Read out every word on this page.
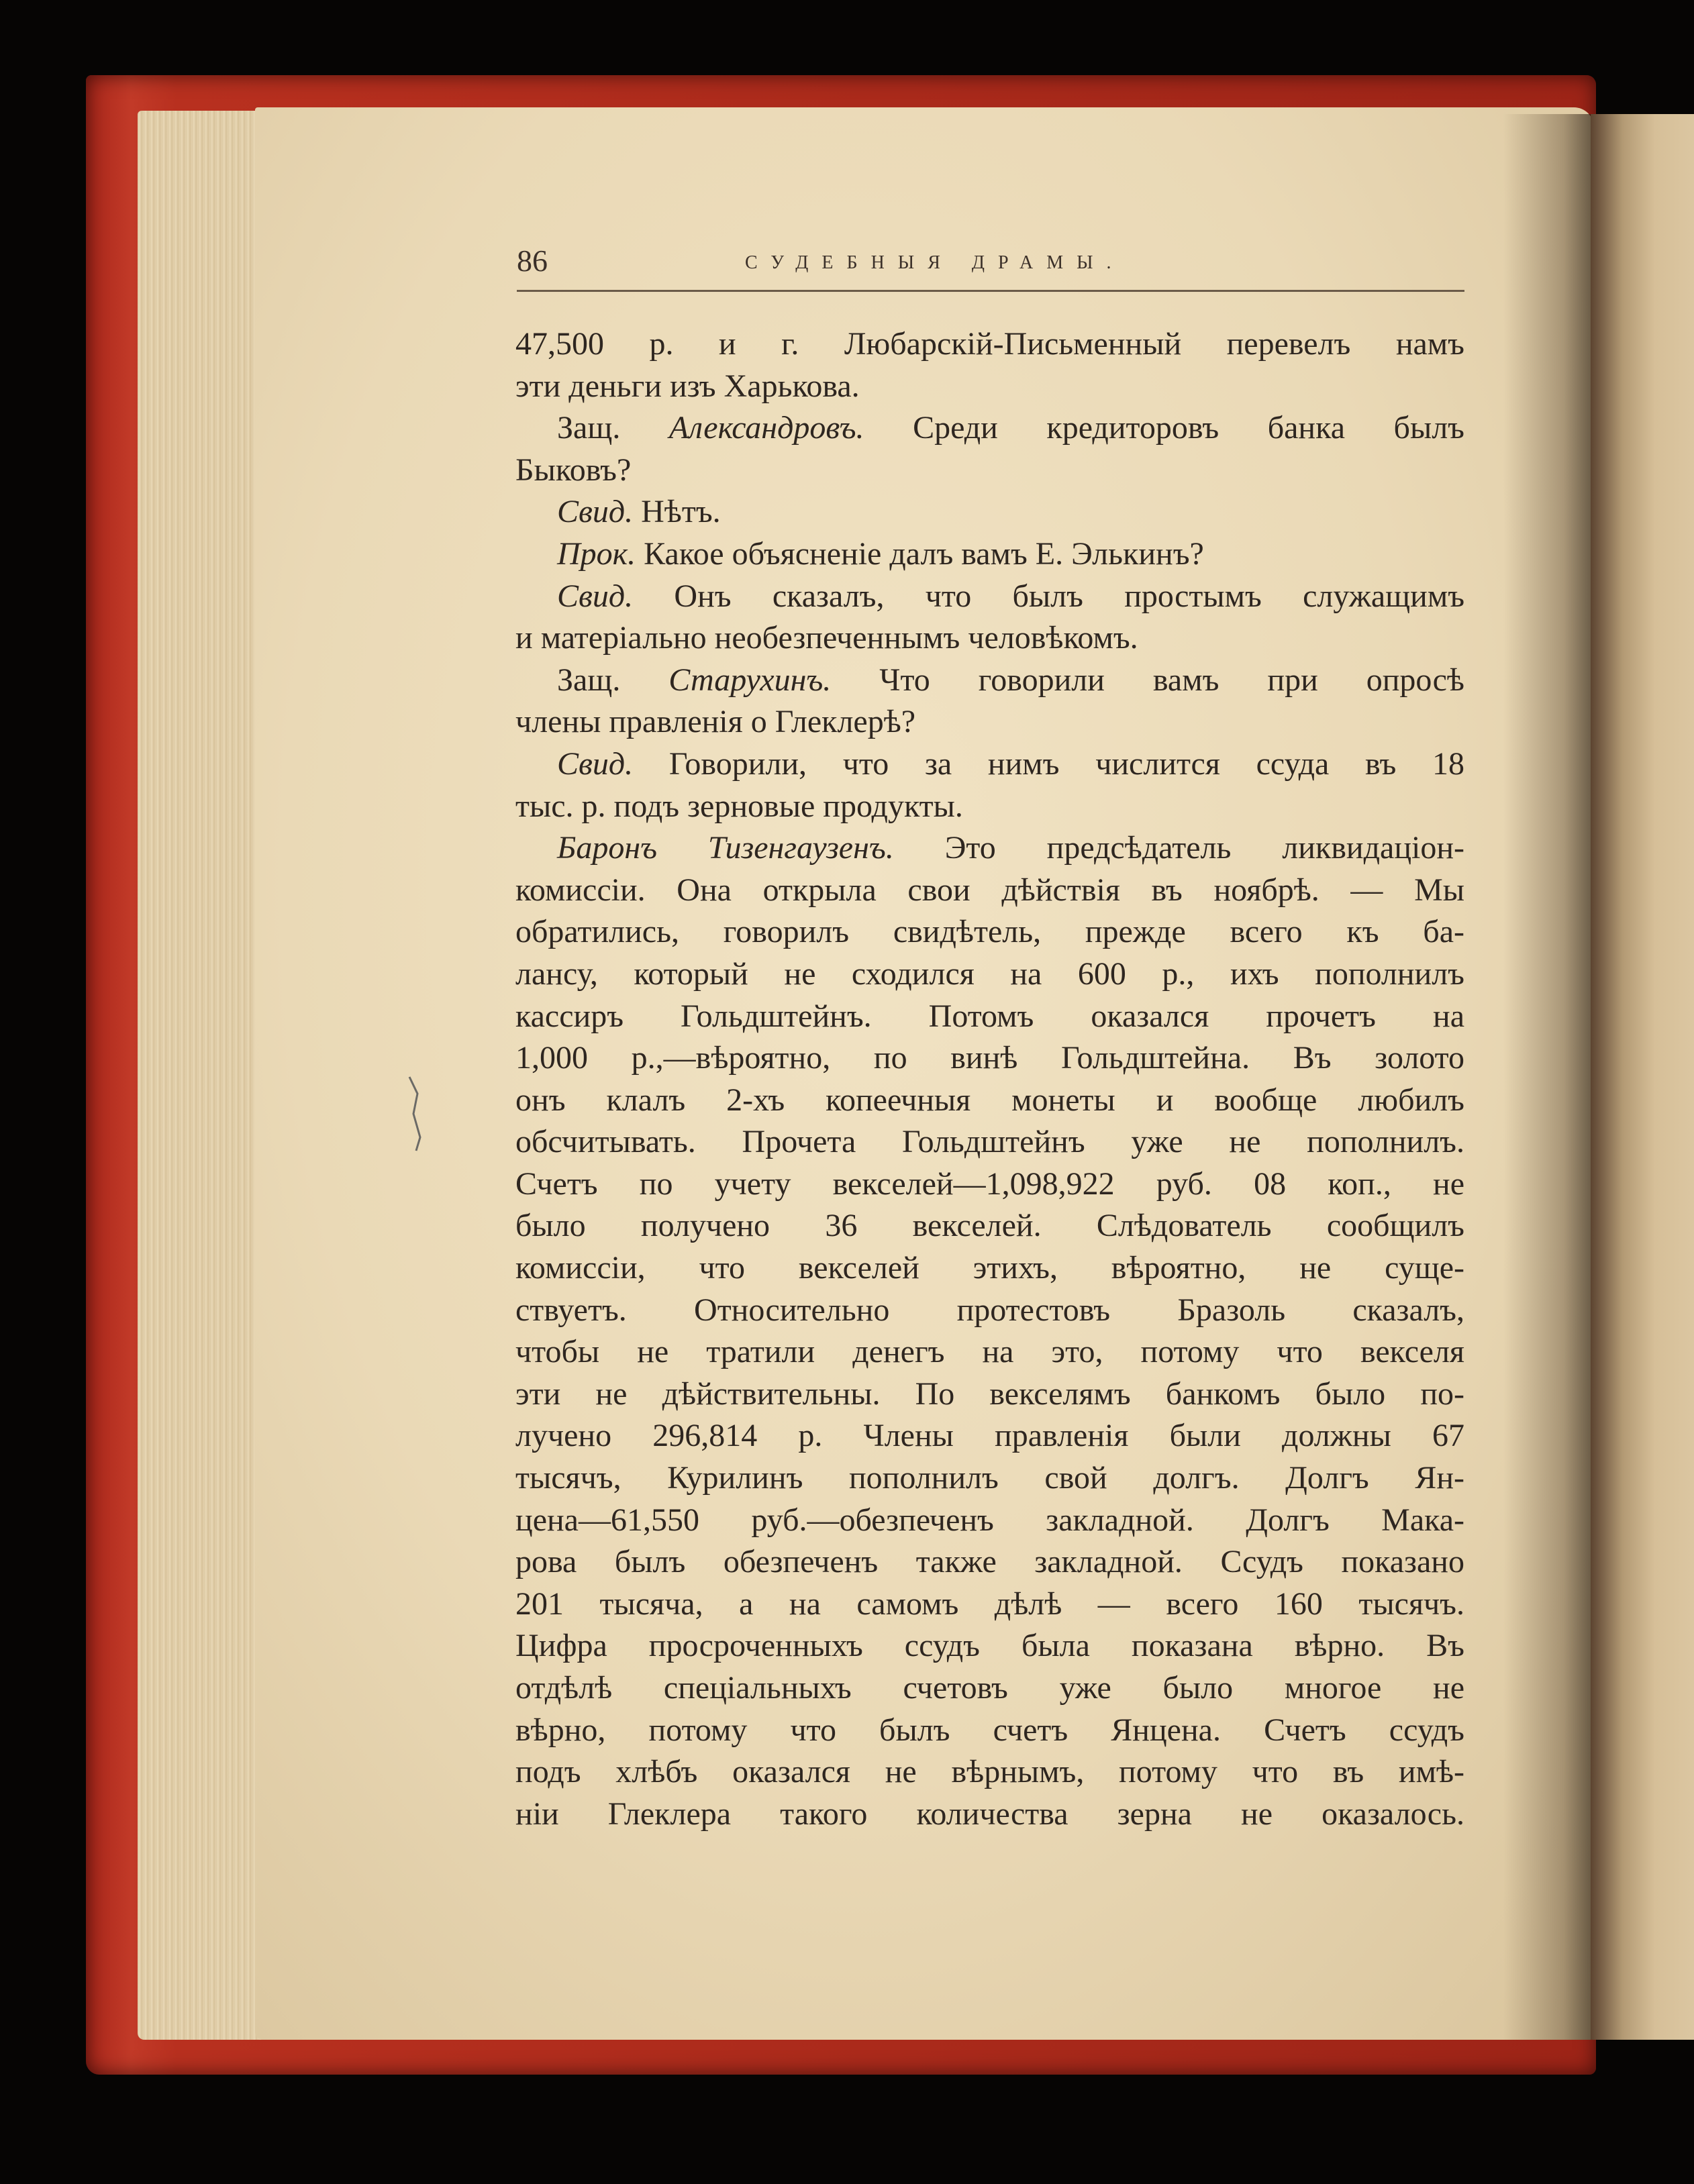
86	СУДЕБНЫЯ ДРАМЫ.
47,500 р. и г. Любарскій-Письменный перевелъ намъ
эти деньги изъ Харькова.
Защ. Александровъ. Среди кредиторовъ банка былъ
Быковъ?
Свид. Нѣтъ.
Прок. Какое объясненіе далъ вамъ Е. Элькинъ?
Свид. Онъ сказалъ, что былъ простымъ служащимъ
и матеріально необезпеченнымъ человѣкомъ.
Защ. Старухинъ. Что говорили вамъ при опросѣ
члены правленія о Глеклерѣ?
Свид. Говорили, что за нимъ числится ссуда въ 18
тыс. р. подъ зерновые продукты.
Баронъ Тизенгаузенъ. Это предсѣдатель ликвидаціон-
комиссіи. Она открыла свои дѣйствія въ ноябрѣ. — Мы
обратились, говорилъ свидѣтель, прежде всего къ ба-
лансу, который не сходился на 600 р., ихъ пополнилъ
кассиръ Гольдштейнъ. Потомъ оказался прочетъ на
1,000 р.,—вѣроятно, по винѣ Гольдштейна. Въ золото
онъ клалъ 2-хъ копеечныя монеты и вообще любилъ
обсчитывать. Прочета Гольдштейнъ уже не пополнилъ.
Счетъ по учету векселей—1,098,922 руб. 08 коп., не
было получено 36 векселей. Слѣдователь сообщилъ
комиссіи, что векселей этихъ, вѣроятно, не суще-
ствуетъ. Относительно протестовъ Бразоль сказалъ,
чтобы не тратили денегъ на это, потому что векселя
эти не дѣйствительны. По векселямъ банкомъ было по-
лучено 296,814 р. Члены правленія были должны 67
тысячъ, Курилинъ пополнилъ свой долгъ. Долгъ Ян-
цена—61,550 руб.—обезпеченъ закладной. Долгъ Мака-
рова былъ обезпеченъ также закладной. Ссудъ показано
201 тысяча, а на самомъ дѣлѣ — всего 160 тысячъ.
Цифра просроченныхъ ссудъ была показана вѣрно. Въ
отдѣлѣ спеціальныхъ счетовъ уже было многое не
вѣрно, потому что былъ счетъ Янцена. Счетъ ссудъ
подъ хлѣбъ оказался не вѣрнымъ, потому что въ имѣ-
ніи Глеклера такого количества зерна не оказалось.
